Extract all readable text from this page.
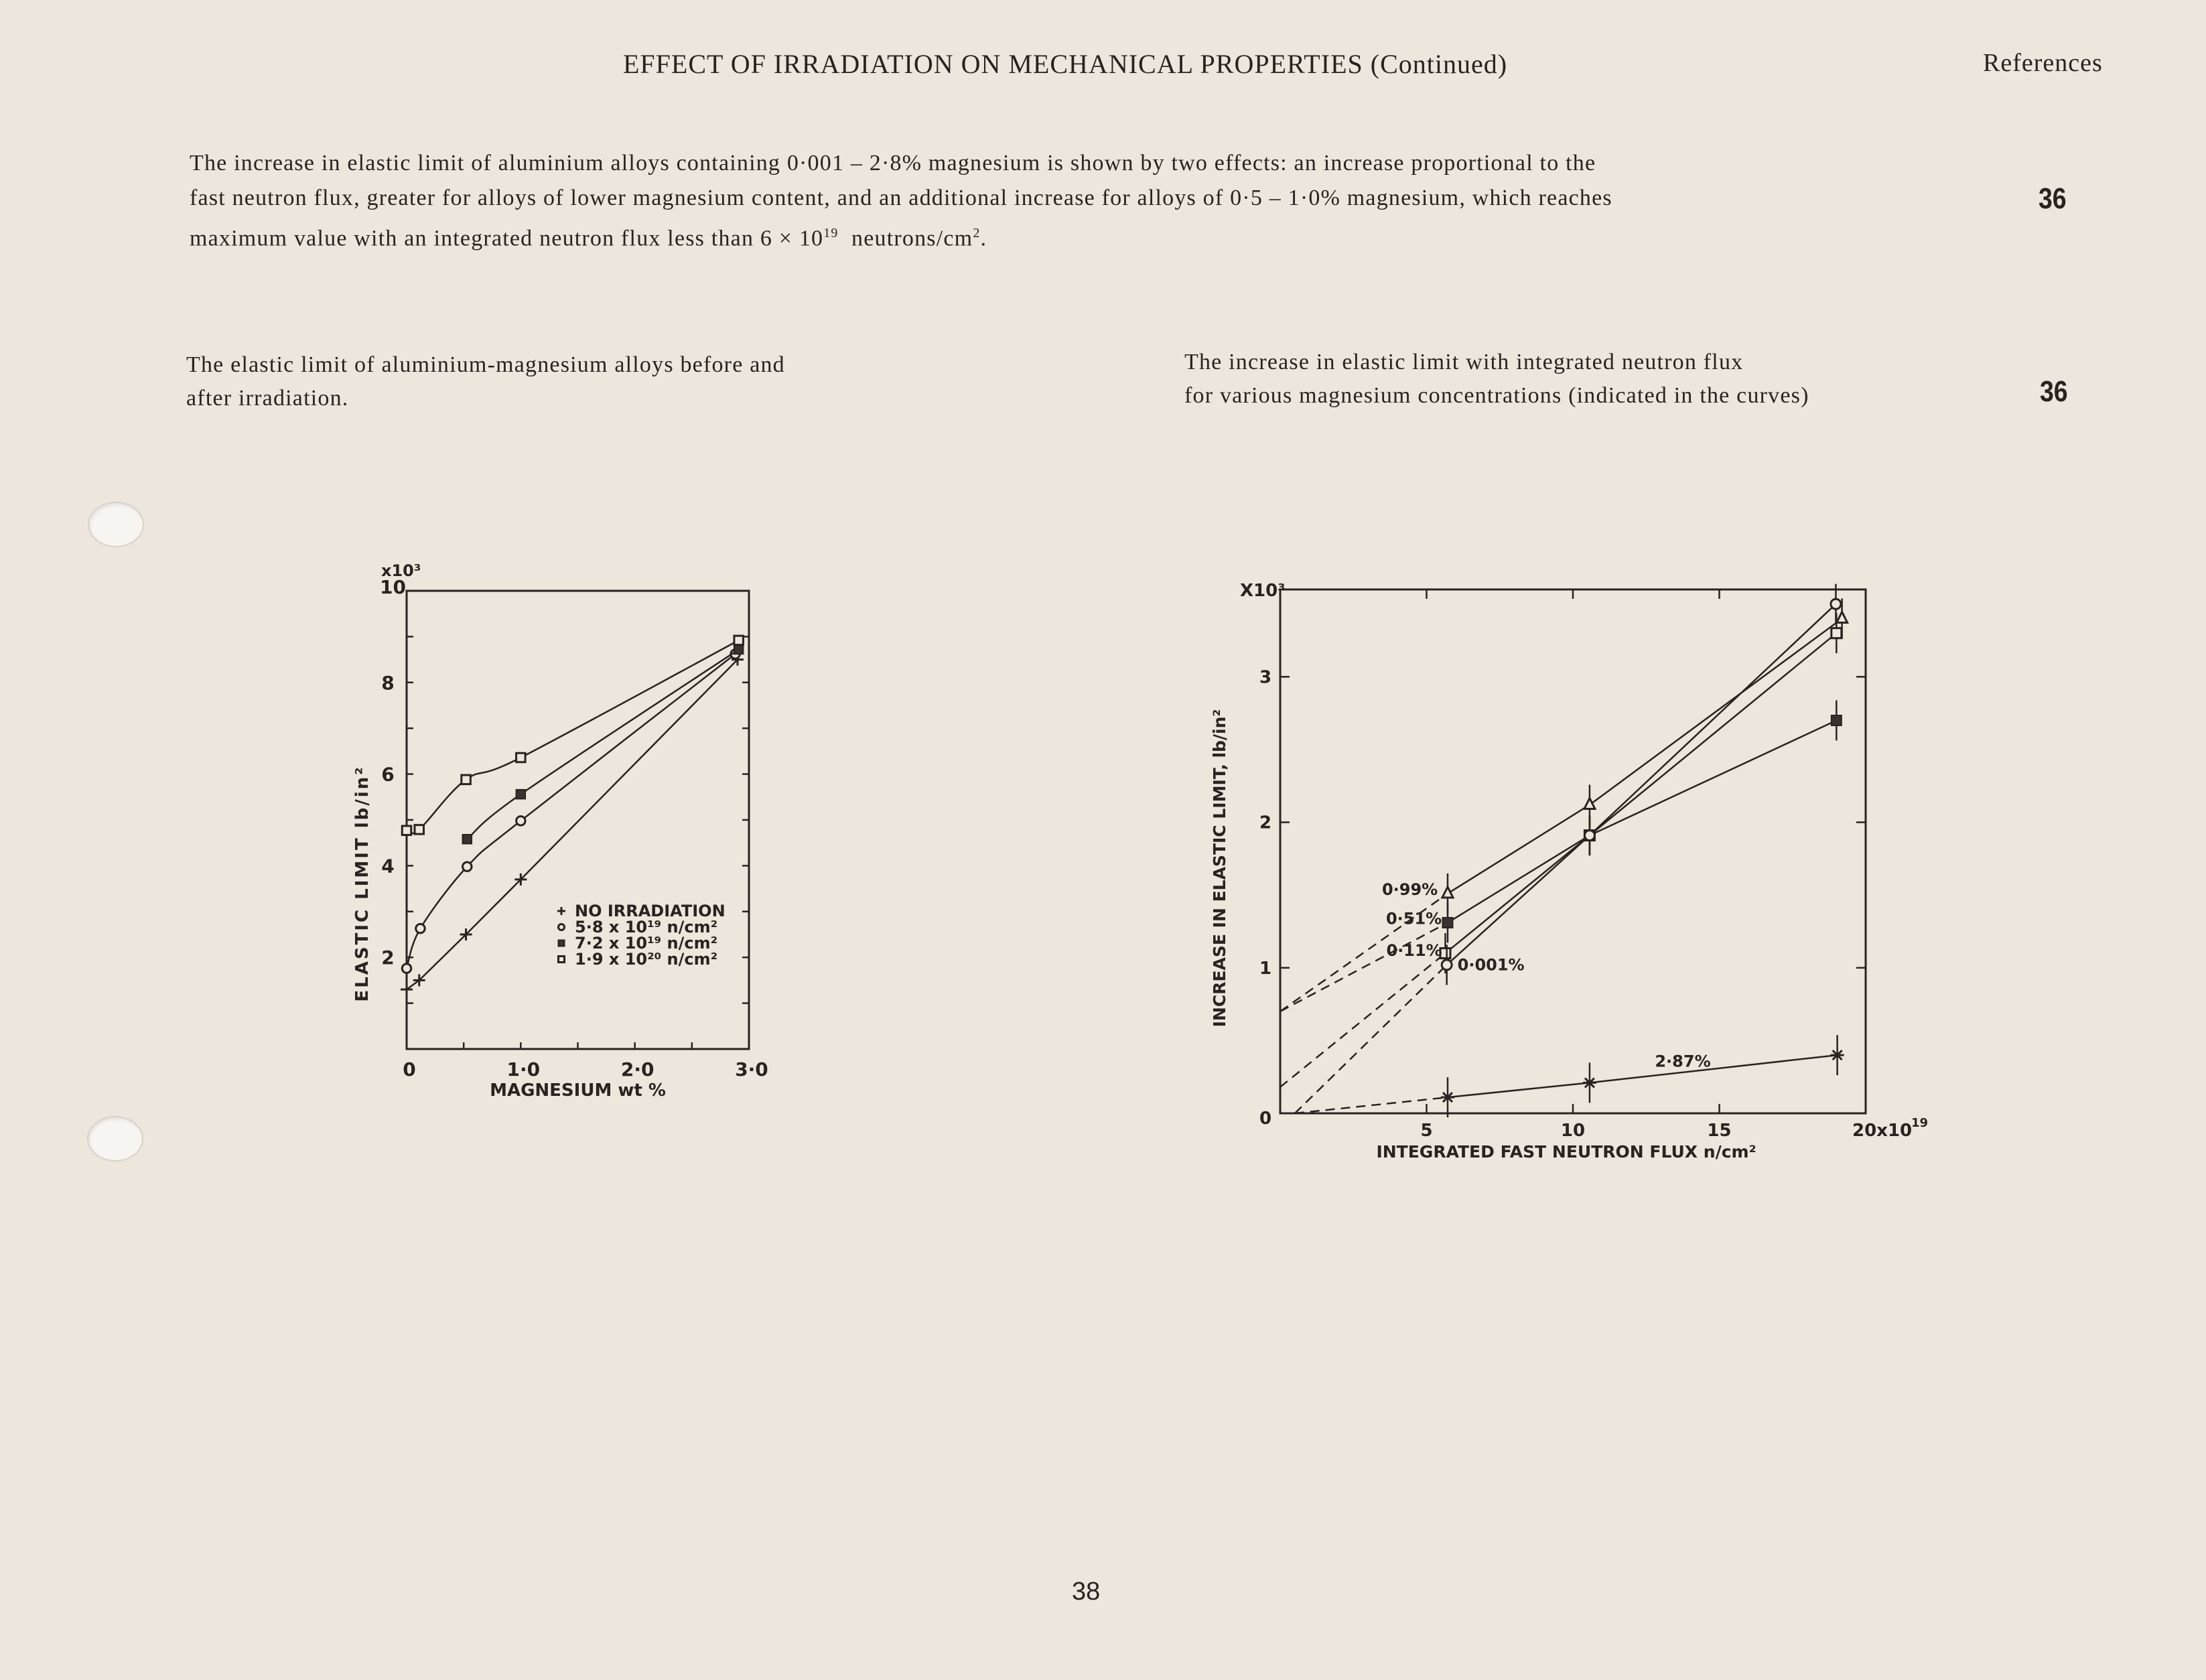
EFFECT OF IRRADIATION ON MECHANICAL PROPERTIES (Continued)	References

The increase in elastic limit of aluminium alloys containing 0·001 – 2·8% magnesium is shown by two effects: an increase proportional to the

fast neutron flux, greater for alloys of lower magnesium content, and an additional increase for alloys of 0·5 – 1·0% magnesium, which reaches

maximum value with an integrated neutron flux less than $6 \times 10^{19}$  neutrons/$cm^2$.

36

The elastic limit of aluminium-magnesium alloys before and

after irradiation.

The increase in elastic limit with integrated neutron flux

for various magnesium concentrations (indicated in the curves)	36
2
4
6
8
10
x10³
0	1·0	2·0	3·0
MAGNESIUM wt %
ELASTIC LIMIT lb/in²	NO IRRADIATION
5·8 x 10¹⁹ n/cm²
7·2 x 10¹⁹ n/cm²
1·9 x 10²⁰ n/cm²
0
1
2
3
X10³
5	10	15	20x10
19
INTEGRATED FAST NEUTRON FLUX n/cm²
INCREASE IN ELASTIC LIMIT, lb/in²	0·99%
0·51%
0·11%
0·001%
2·87%
38
